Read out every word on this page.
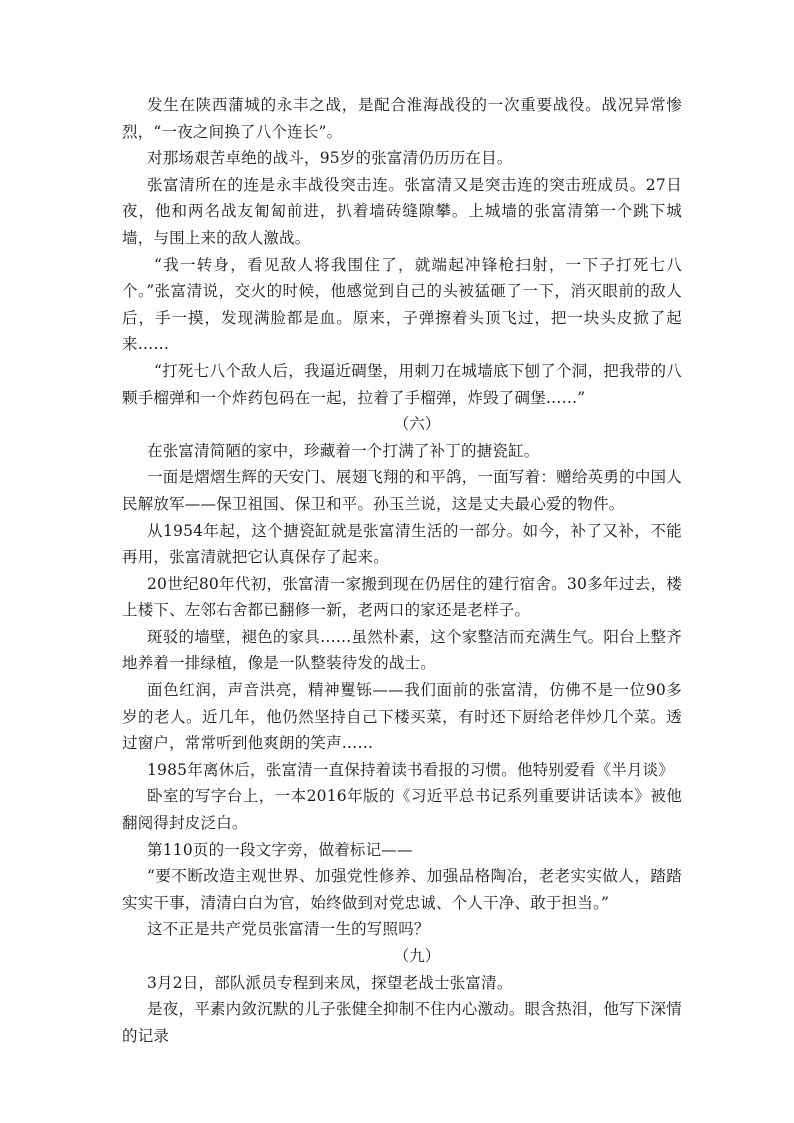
发生在陕西蒲城的永丰之战，是配合淮海战役的一次重要战役。战况异常惨烈，“一夜之间换了八个连长”。

对那场艰苦卓绝的战斗，95岁的张富清仍历历在目。

张富清所在的连是永丰战役突击连。张富清又是突击连的突击班成员。27日夜，他和两名战友匍匐前进，扒着墙砖缝隙攀。上城墙的张富清第一个跳下城墙，与围上来的敌人激战。

“我一转身，看见敌人将我围住了，就端起冲锋枪扫射，一下子打死七八个。”张富清说，交火的时候，他感觉到自己的头被猛砸了一下，消灭眼前的敌人后，手一摸，发现满脸都是血。原来，子弹擦着头顶飞过，把一块头皮掀了起来……

“打死七八个敌人后，我逼近碉堡，用刺刀在城墙底下刨了个洞，把我带的八颗手榴弹和一个炸药包码在一起，拉着了手榴弹，炸毁了碉堡……”

（六）

在张富清简陋的家中，珍藏着一个打满了补丁的搪瓷缸。

一面是熠熠生辉的天安门、展翅飞翔的和平鸽，一面写着：赠给英勇的中国人民解放军——保卫祖国、保卫和平。孙玉兰说，这是丈夫最心爱的物件。

从1954年起，这个搪瓷缸就是张富清生活的一部分。如今，补了又补，不能再用，张富清就把它认真保存了起来。

20世纪80年代初，张富清一家搬到现在仍居住的建行宿舍。30多年过去，楼上楼下、左邻右舍都已翻修一新，老两口的家还是老样子。

斑驳的墙壁，褪色的家具……虽然朴素，这个家整洁而充满生气。阳台上整齐地养着一排绿植，像是一队整装待发的战士。

面色红润，声音洪亮，精神矍铄——我们面前的张富清，仿佛不是一位90多岁的老人。近几年，他仍然坚持自己下楼买菜，有时还下厨给老伴炒几个菜。透过窗户，常常听到他爽朗的笑声……

1985年离休后，张富清一直保持着读书看报的习惯。他特别爱看《半月谈》

卧室的写字台上，一本2016年版的《习近平总书记系列重要讲话读本》被他翻阅得封皮泛白。

第110页的一段文字旁，做着标记——

“要不断改造主观世界、加强党性修养、加强品格陶冶，老老实实做人，踏踏实实干事，清清白白为官，始终做到对党忠诚、个人干净、敢于担当。”

这不正是共产党员张富清一生的写照吗？

（九）

3月2日，部队派员专程到来凤，探望老战士张富清。

是夜，平素内敛沉默的儿子张健全抑制不住内心激动。眼含热泪，他写下深情的记录
